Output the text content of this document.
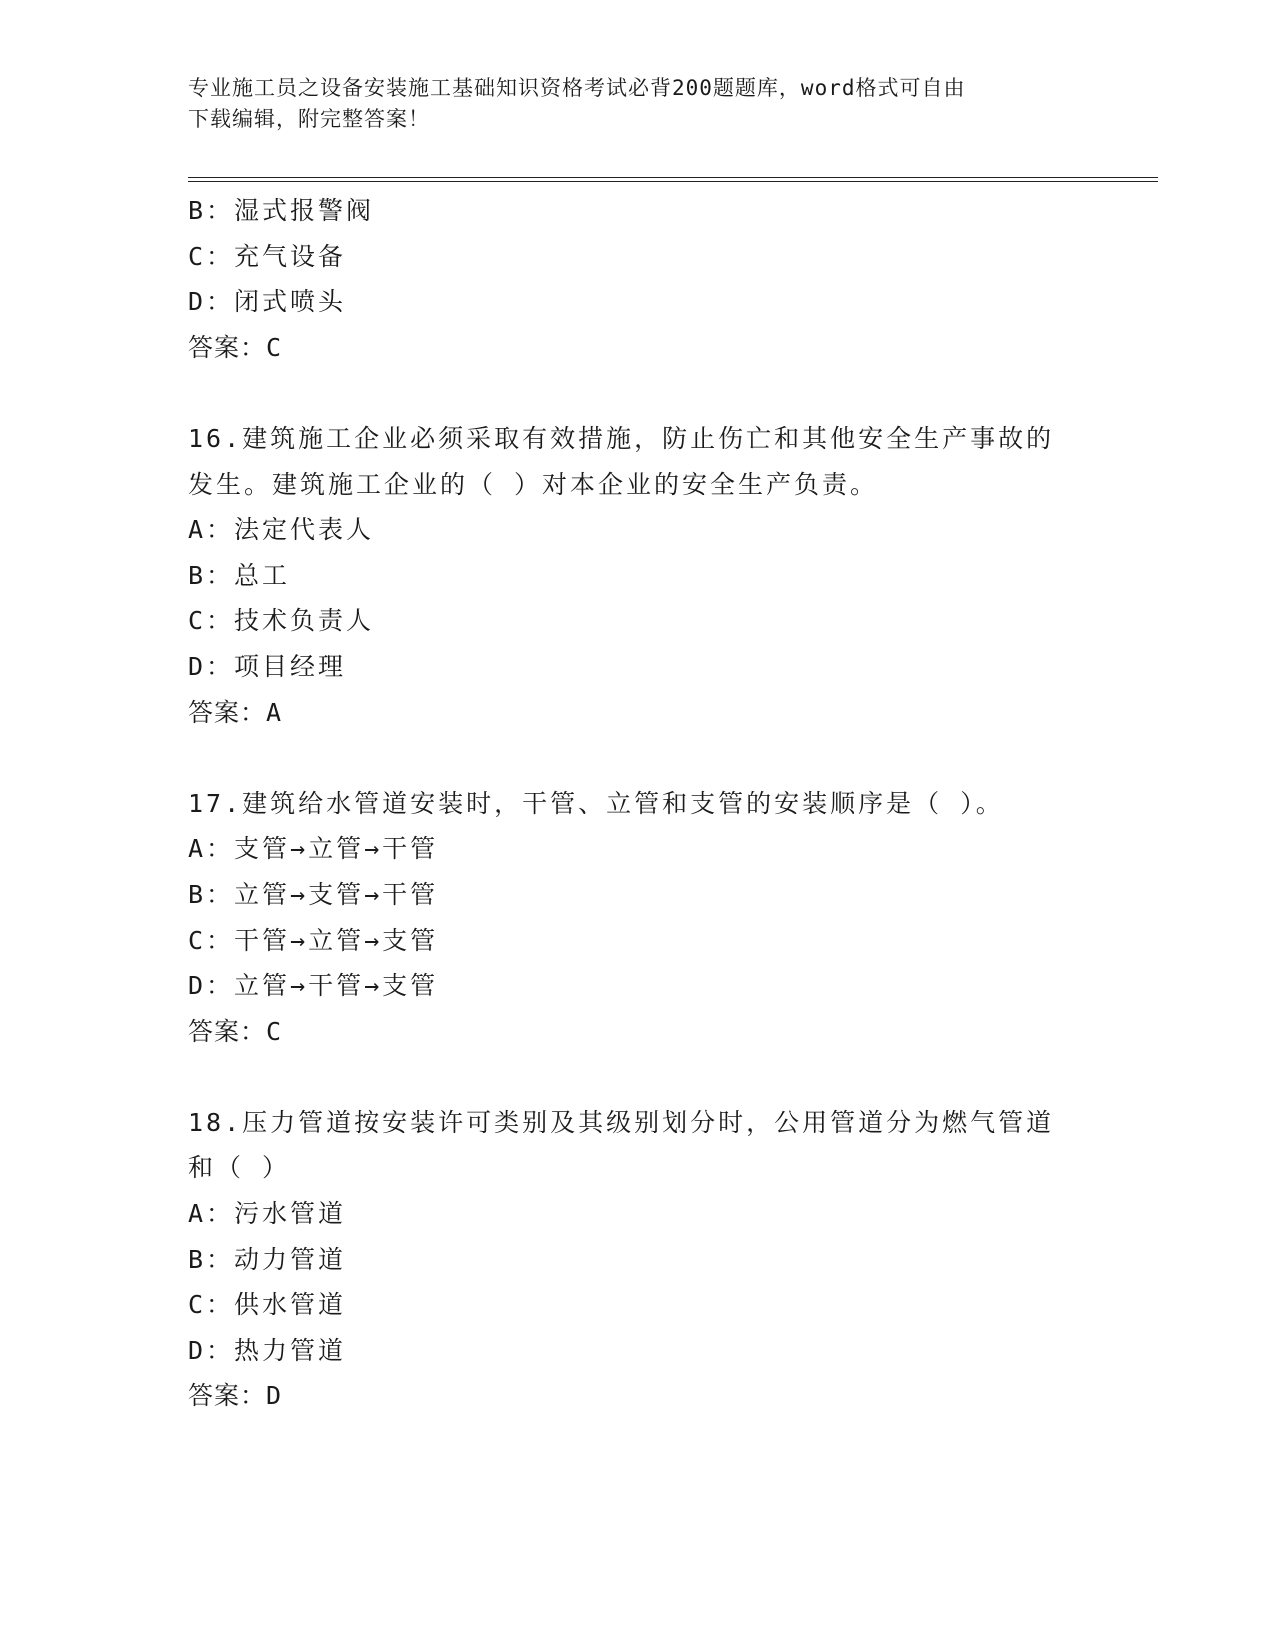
专业施工员之设备安装施工基础知识资格考试必背200题题库，word格式可自由
下载编辑，附完整答案！
B：湿式报警阀
C：充气设备
D：闭式喷头
答案：C
16.建筑施工企业必须采取有效措施，防止伤亡和其他安全生产事故的
发生。建筑施工企业的（ ）对本企业的安全生产负责。
A：法定代表人
B：总工
C：技术负责人
D：项目经理
答案：A
17.建筑给水管道安装时，干管、立管和支管的安装顺序是（ ）。
A：支管→立管→干管
B：立管→支管→干管
C：干管→立管→支管
D：立管→干管→支管
答案：C
18.压力管道按安装许可类别及其级别划分时，公用管道分为燃气管道
和（ ）
A：污水管道
B：动力管道
C：供水管道
D：热力管道
答案：D
